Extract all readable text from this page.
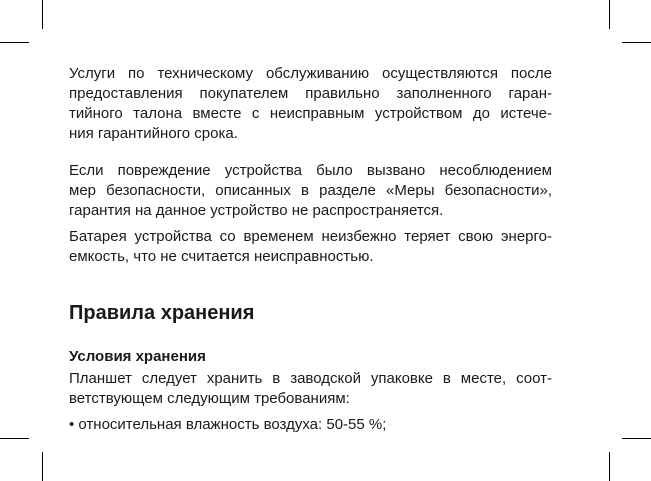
Услуги по техническому обслуживанию осуществляются после
предоставления покупателем правильно заполненного гаран-
тийного талона вместе с неисправным устройством до истече-
ния гарантийного срока.

Если повреждение устройства было вызвано несоблюдением
мер безопасности, описанных в разделе «Меры безопасности»,
гарантия на данное устройство не распространяется.

Батарея устройства со временем неизбежно теряет свою энерго-
емкость, что не считается неисправностью.

Правила хранения
Условия хранения

Планшет следует хранить в заводской упаковке в месте, соот-
ветствующем следующим требованиям:

• относительная влажность воздуха: 50-55 %;
